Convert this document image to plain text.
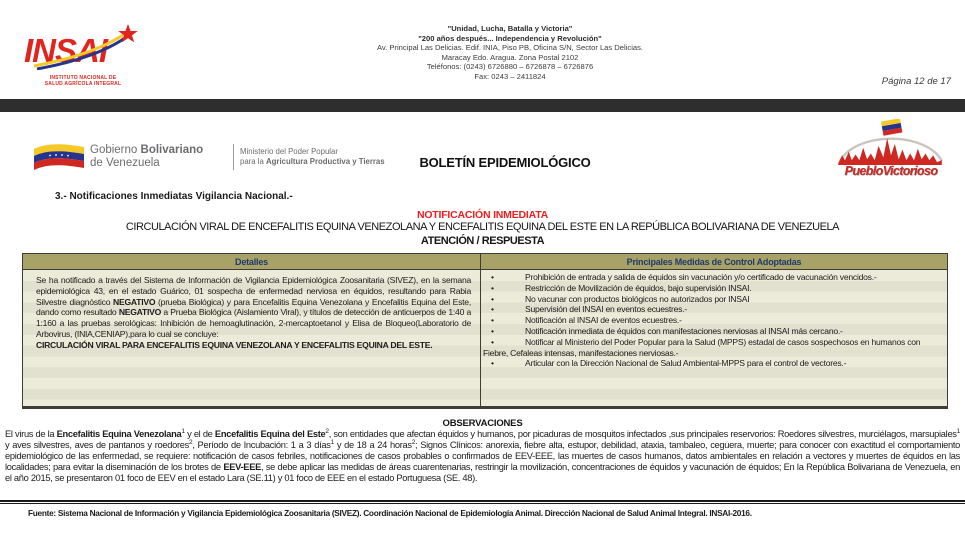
INSAI
INSTITUTO NACIONAL DE
SALUD AGRÍCOLA INTEGRAL
"Unidad, Lucha, Batalla y Victoria"
"200 años después... Independencia y Revolución"
Av. Principal Las Delicias. Edif. INIA, Piso PB, Oficina S/N, Sector Las Delicias.
Maracay Edo. Aragua. Zona Postal 2102
Teléfonos: (0243) 6726880 – 6726878 – 6726876
Fax: 0243 – 2411824	Página 12 de 17
Gobierno Bolivariano
de Venezuela
Ministerio del Poder Popular
para la Agricultura Productiva y Tierras	BOLETÍN EPIDEMIOLÓGICO
PuebloVictorioso
3.- Notificaciones Inmediatas Vigilancia Nacional.-
NOTIFICACIÓN INMEDIATA
CIRCULACIÓN VIRAL DE ENCEFALITIS EQUINA VENEZOLANA Y ENCEFALITIS EQUINA DEL ESTE EN LA REPÚBLICA BOLIVARIANA DE VENEZUELA
ATENCIÓN / RESPUESTA
Detalles	Principales Medidas de Control Adoptadas
Se ha notificado a través del Sistema de Información de Vigilancia Epidemiológica Zoosanitaria (SIVEZ), en la semana epidemiológica 43, en el estado Guárico, 01 sospecha de enfermedad nerviosa en équidos, resultando para Rabia Silvestre diagnóstico NEGATIVO (prueba Biológica) y para Encefalitis Equina Venezolana y Encefalitis Equina del Este, dando como resultado NEGATIVO a Prueba Biológica (Aislamiento Viral), y títulos de detección de anticuerpos de 1:40 a 1:160 a las pruebas serológicas: Inhibición de hemoaglutinación, 2-mercaptoetanol y Elisa de Bloqueo(Laboratorio de Arbovirus, (INIA,CENIAP),para lo cual se concluye:
CIRCULACIÓN VIRAL PARA ENCEFALITIS EQUINA VENEZOLANA Y ENCEFALITIS EQUINA DEL ESTE.
•	Prohibición de entrada y salida de équidos sin vacunación y/o certificado de vacunación vencidos.-
•	Restricción de Movilización de équidos, bajo supervisión INSAI.
•	No vacunar con productos biológicos no autorizados por INSAI
•	Supervisión del INSAI en eventos ecuestres.-
•	Notificación al INSAI de eventos ecuestres.-
•	Notificación inmediata de équidos con manifestaciones nerviosas al INSAI más cercano.-
•	Notificar al Ministerio del Poder Popular para la Salud (MPPS) estadal de casos sospechosos en humanos con Fiebre, Cefaleas intensas, manifestaciones nerviosas.-
•	Articular con la Dirección Nacional de Salud Ambiental-MPPS para el control de vectores.-
OBSERVACIONES
El virus de la Encefalitis Equina Venezolana$^1$ y el de Encefalitis Equina del Este$^2$, son entidades que afectan équidos y humanos, por picaduras de mosquitos infectados ,sus principales reservorios: Roedores silvestres, murciélagos, marsupiales$^1$ y aves silvestres, aves de pantanos y roedores$^2$, Período de Incubación: 1 a 3 días$^1$ y de 18 a 24 horas$^2$; Signos Clínicos: anorexia, fiebre alta, estupor, debilidad, ataxia, tambaleo, ceguera, muerte; para conocer con exactitud el comportamiento epidemiológico de las enfermedad, se requiere: notificación de casos febriles, notificaciones de casos probables o confirmados de EEV-EEE, las muertes de casos humanos, datos ambientales en relación a vectores y muertes de équidos en las localidades; para evitar la diseminación de los brotes de EEV-EEE, se debe aplicar las medidas de áreas cuarentenarias, restringir la movilización, concentraciones de équidos y vacunación de équidos; En la República Bolivariana de Venezuela, en el año 2015, se presentaron 01 foco de EEV en el estado Lara (SE.11) y 01 foco de EEE en el estado Portuguesa (SE. 48).
Fuente: Sistema Nacional de Información y Vigilancia Epidemiológica Zoosanitaria (SIVEZ). Coordinación Nacional de Epidemiología Animal. Dirección Nacional de Salud Animal Integral. INSAI-2016.
